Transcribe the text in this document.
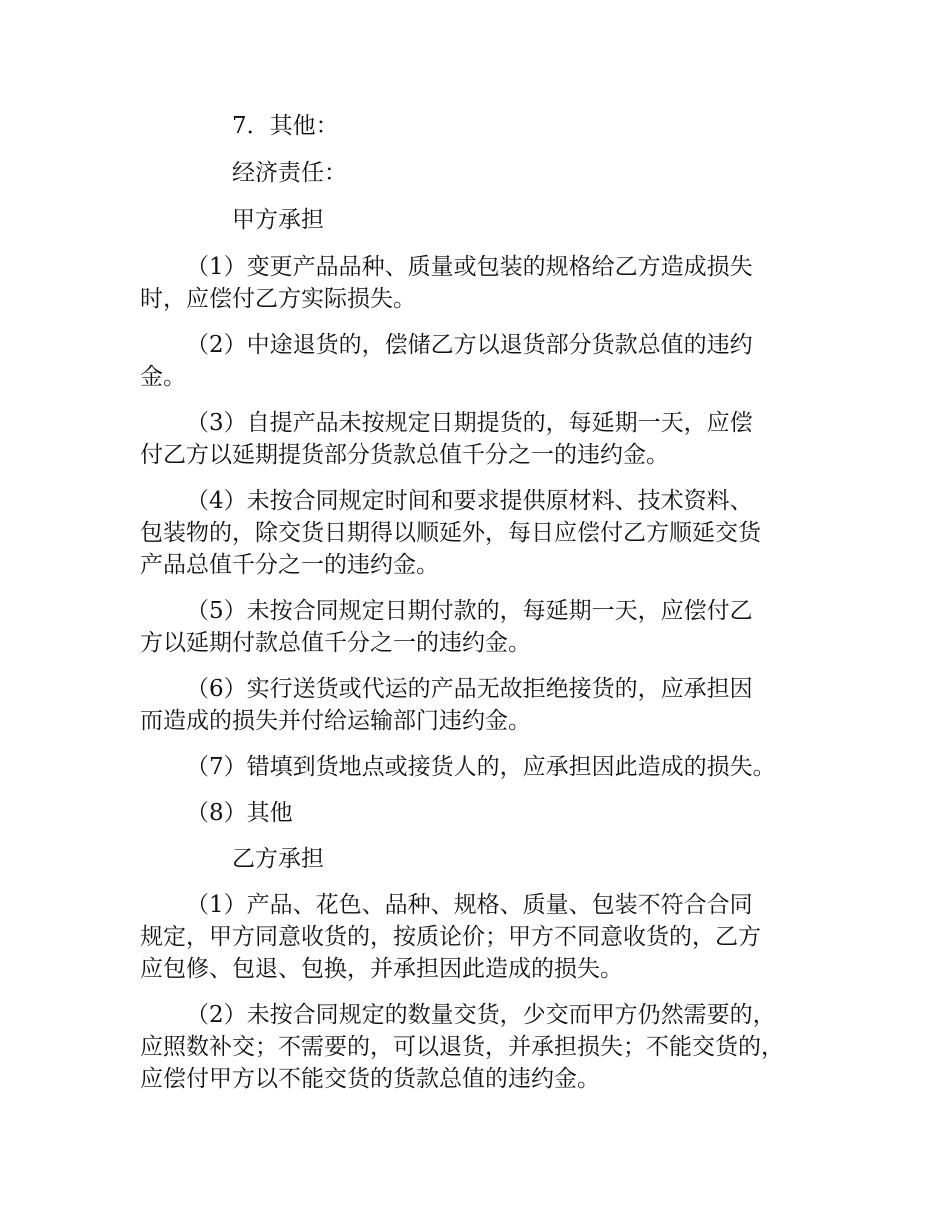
7．其他：

经济责任：

甲方承担

（1）变更产品品种、质量或包装的规格给乙方造成损失
时，应偿付乙方实际损失。

（2）中途退货的，偿储乙方以退货部分货款总值的违约
金。

（3）自提产品未按规定日期提货的，每延期一天，应偿
付乙方以延期提货部分货款总值千分之一的违约金。

（4）未按合同规定时间和要求提供原材料、技术资料、
包装物的，除交货日期得以顺延外，每日应偿付乙方顺延交货
产品总值千分之一的违约金。

（5）未按合同规定日期付款的，每延期一天，应偿付乙
方以延期付款总值千分之一的违约金。

（6）实行送货或代运的产品无故拒绝接货的，应承担因
而造成的损失并付给运输部门违约金。

（7）错填到货地点或接货人的，应承担因此造成的损失。

（8）其他

乙方承担

（1）产品、花色、品种、规格、质量、包装不符合合同
规定，甲方同意收货的，按质论价；甲方不同意收货的，乙方
应包修、包退、包换，并承担因此造成的损失。

（2）未按合同规定的数量交货，少交而甲方仍然需要的，
应照数补交；不需要的，可以退货，并承担损失；不能交货的，
应偿付甲方以不能交货的货款总值的违约金。
